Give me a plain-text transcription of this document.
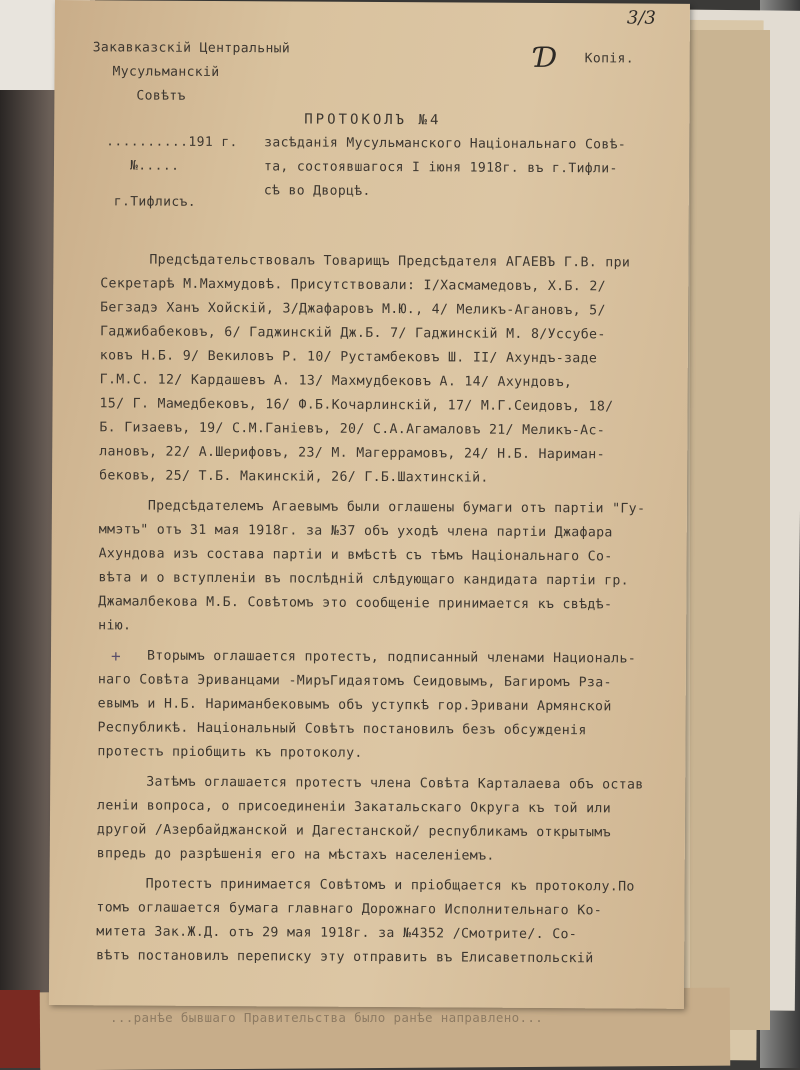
Закавказскій Центральный
Мусульманскій
Совѣтъ
Ɗ Копія.
3/3
ПРОТОКОЛЪ №4
..........191 г.
№.....
г.Тифлисъ.
засѣданія Мусульманского Національнаго Совѣ-
та, состоявшагося I іюня 1918г. въ г.Тифли-
сѣ во Дворцѣ.
Предсѣдательствовалъ Товарищъ Предсѣдателя АГАЕВЪ Г.В. при
Секретарѣ М.Махмудовѣ. Присутствовали: I/Хасмамедовъ, Х.Б. 2/
Бегзадэ Ханъ Хойскій, 3/Джафаровъ М.Ю., 4/ Меликъ-Агановъ, 5/
Гаджибабековъ, 6/ Гаджинскій Дж.Б. 7/ Гаджинскій М. 8/Уссубе-
ковъ Н.Б. 9/ Векиловъ Р. 10/ Рустамбековъ Ш. II/ Ахундъ-заде
Г.М.С. 12/ Кардашевъ А. 13/ Махмудбековъ А. 14/ Ахундовъ,
15/ Г. Мамедбековъ, 16/ Ф.Б.Кочарлинскій, 17/ М.Г.Сеидовъ, 18/
Б. Гизаевъ, 19/ С.М.Ганіевъ, 20/ С.А.Агамаловъ 21/ Меликъ-Ас-
лановъ, 22/ А.Шерифовъ, 23/ М. Магеррамовъ, 24/ Н.Б. Нариман-
бековъ, 25/ Т.Б. Макинскій, 26/ Г.Б.Шахтинскій.
Предсѣдателемъ Агаевымъ были оглашены бумаги отъ партіи "Гу-
ммэтъ" отъ 31 мая 1918г. за №37 объ уходѣ члена партіи Джафара
Ахундова изъ состава партіи и вмѣстѣ съ тѣмъ Національнаго Со-
вѣта и о вступленіи въ послѣдній слѣдующаго кандидата партіи гр.
Джамалбекова М.Б. Совѣтомъ это сообщеніе принимается къ свѣдѣ-
нію.
+ Вторымъ оглашается протестъ, подписанный членами Националь-
наго Совѣта Эриванцами -МиръГидаятомъ Сеидовымъ, Багиромъ Рза-
евымъ и Н.Б. Нариманбековымъ объ уступкѣ гор.Эривани Армянской
Республикѣ. Національный Совѣтъ постановилъ безъ обсужденія
протестъ пріобщить къ протоколу.
Затѣмъ оглашается протестъ члена Совѣта Карталаева объ остав
леніи вопроса, о присоединеніи Закатальскаго Округа къ той или
другой /Азербайджанской и Дагестанской/ республикамъ открытымъ
впредь до разрѣшенія его на мѣстахъ населеніемъ.
Протестъ принимается Совѣтомъ и пріобщается къ протоколу.По
томъ оглашается бумага главнаго Дорожнаго Исполнительнаго Ко-
митета Зак.Ж.Д. отъ 29 мая 1918г. за №4352 /Смотрите/. Со-
вѣтъ постановилъ переписку эту отправить въ Елисаветпольскій
...ранѣе бывшаго Правительства было ранѣе направлено...
